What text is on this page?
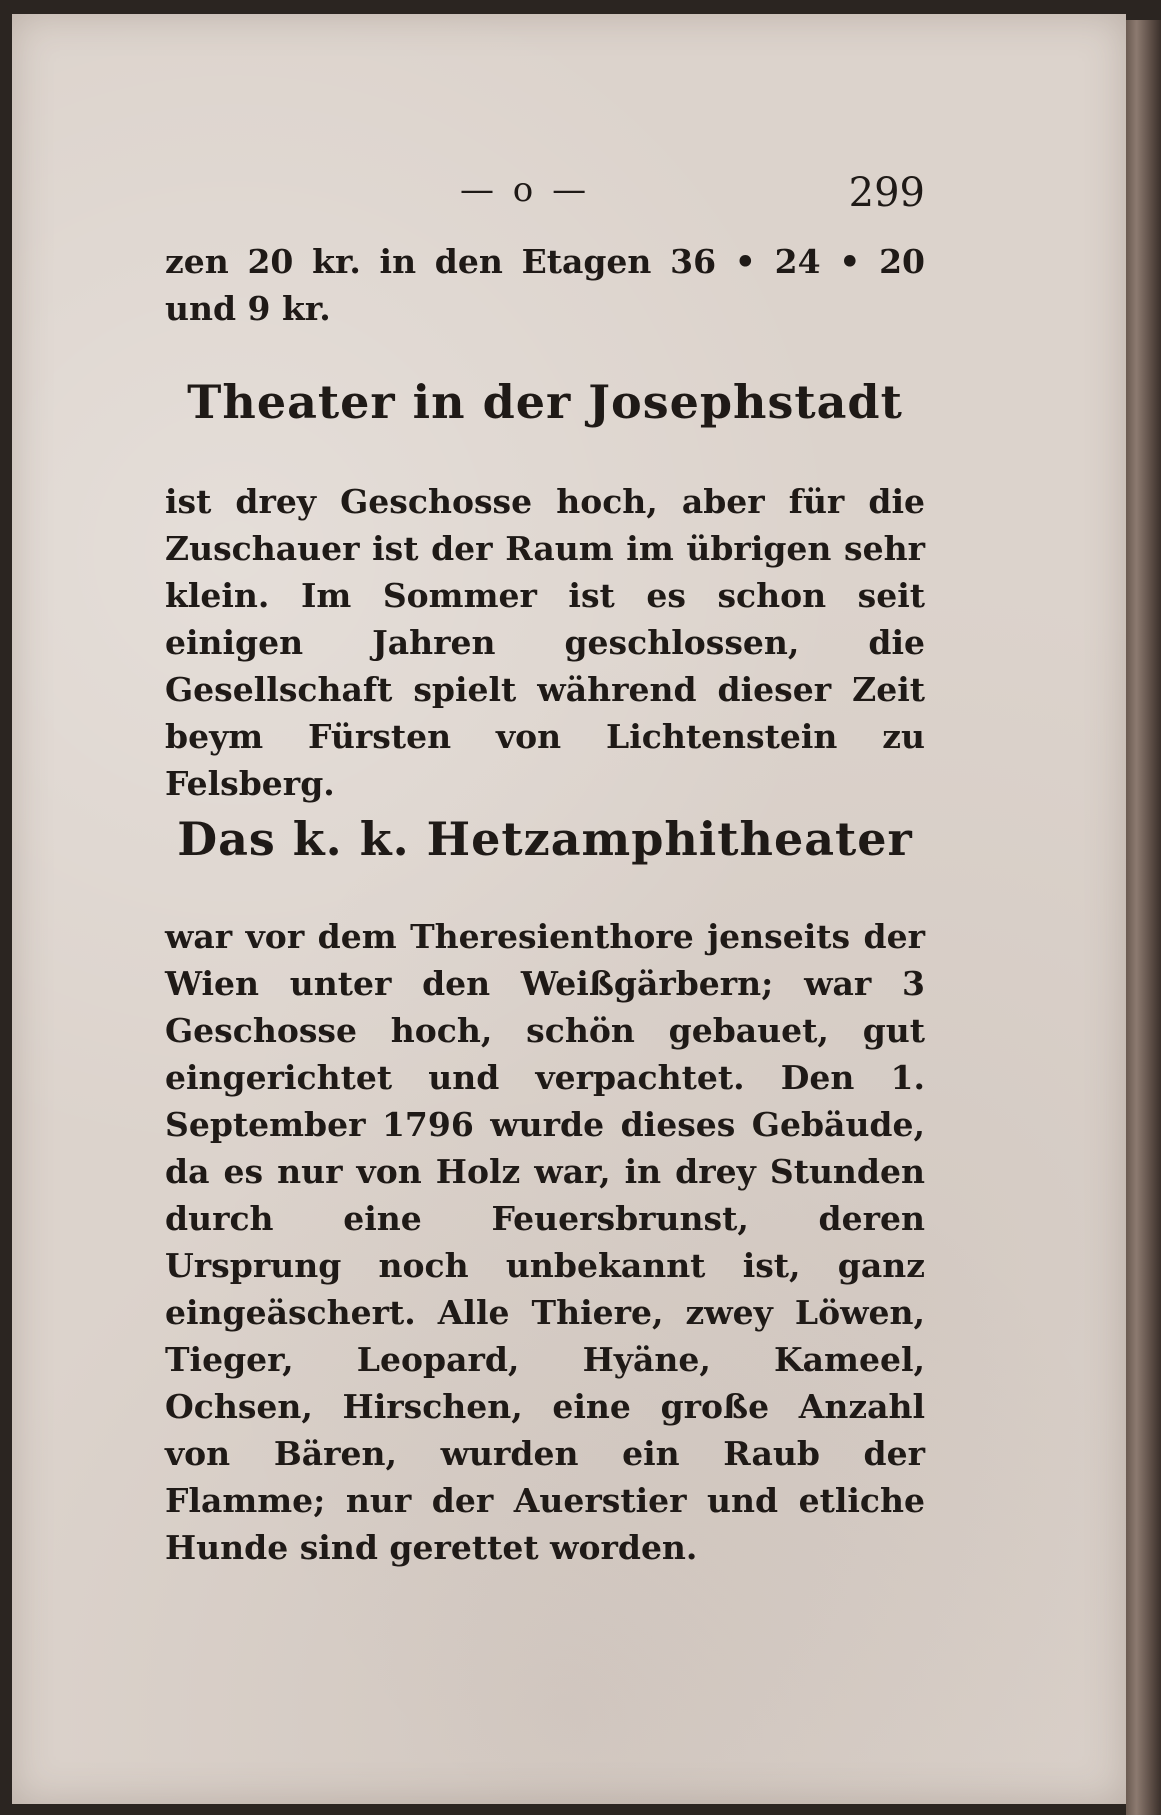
— o —	299

zen 20 kr. in den Etagen 36 • 24 • 20 und 9 kr.

Theater in der Josephstadt

ist drey Geschosse hoch, aber für die Zuschauer ist der Raum im übrigen sehr klein. Im Sommer ist es schon seit einigen Jahren geschlossen, die Gesellschaft spielt während dieser Zeit beym Fürsten von Lichtenstein zu Felsberg.

Das k. k. Hetzamphitheater

war vor dem Theresienthore jenseits der Wien unter den Weißgärbern; war 3 Geschosse hoch, schön gebauet, gut eingerichtet und verpachtet. Den 1. September 1796 wurde dieses Gebäude, da es nur von Holz war, in drey Stunden durch eine Feuersbrunst, deren Ursprung noch unbekannt ist, ganz eingeäschert. Alle Thiere, zwey Löwen, Tieger, Leopard, Hyäne, Kameel, Ochsen, Hirschen, eine große Anzahl von Bären, wurden ein Raub der Flamme; nur der Auerstier und etliche Hunde sind gerettet worden.
